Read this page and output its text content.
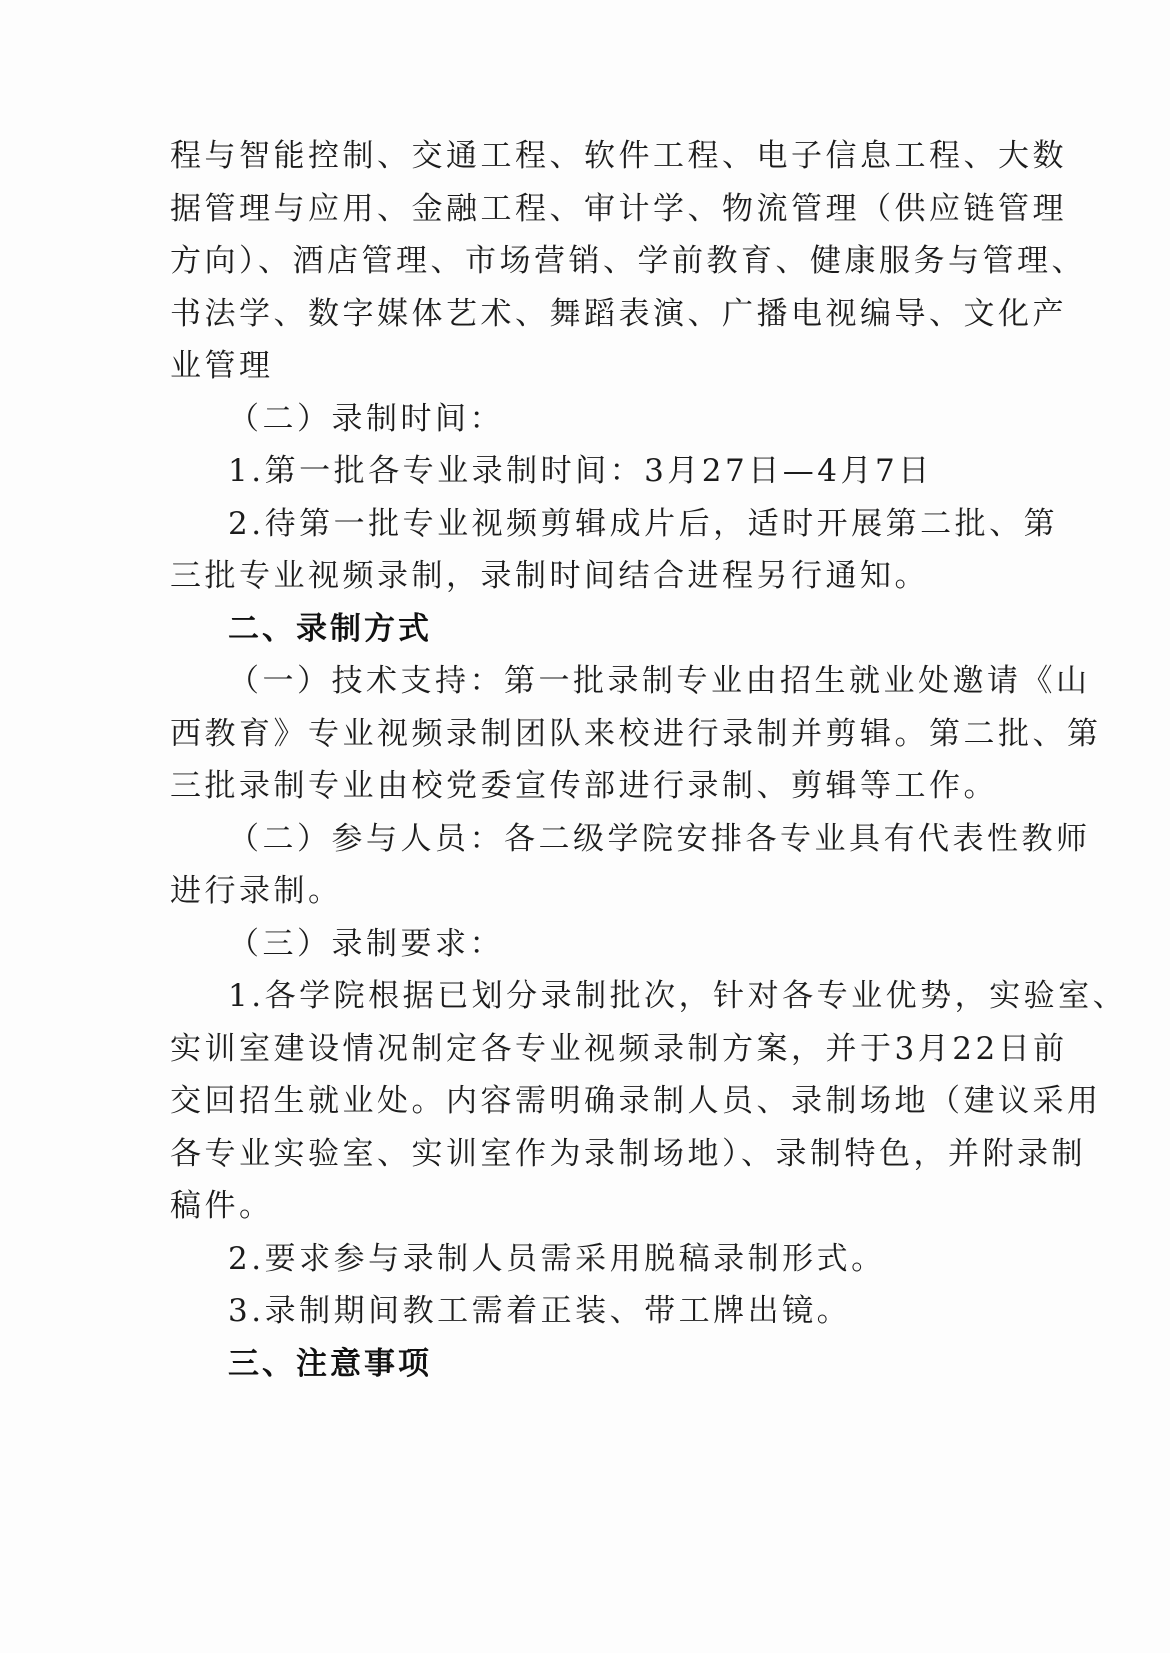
程与智能控制、交通工程、软件工程、电子信息工程、大数
据管理与应用、金融工程、审计学、物流管理（供应链管理
方向）、酒店管理、市场营销、学前教育、健康服务与管理、
书法学、数字媒体艺术、舞蹈表演、广播电视编导、文化产
业管理
（二）录制时间：
1.第一批各专业录制时间：3月27日—4月7日
2.待第一批专业视频剪辑成片后，适时开展第二批、第
三批专业视频录制，录制时间结合进程另行通知。
二、录制方式
（一）技术支持：第一批录制专业由招生就业处邀请《山
西教育》专业视频录制团队来校进行录制并剪辑。第二批、第
三批录制专业由校党委宣传部进行录制、剪辑等工作。
（二）参与人员：各二级学院安排各专业具有代表性教师
进行录制。
（三）录制要求：
1.各学院根据已划分录制批次，针对各专业优势，实验室、
实训室建设情况制定各专业视频录制方案，并于3月22日前
交回招生就业处。内容需明确录制人员、录制场地（建议采用
各专业实验室、实训室作为录制场地）、录制特色，并附录制
稿件。
2.要求参与录制人员需采用脱稿录制形式。
3.录制期间教工需着正装、带工牌出镜。
三、注意事项
